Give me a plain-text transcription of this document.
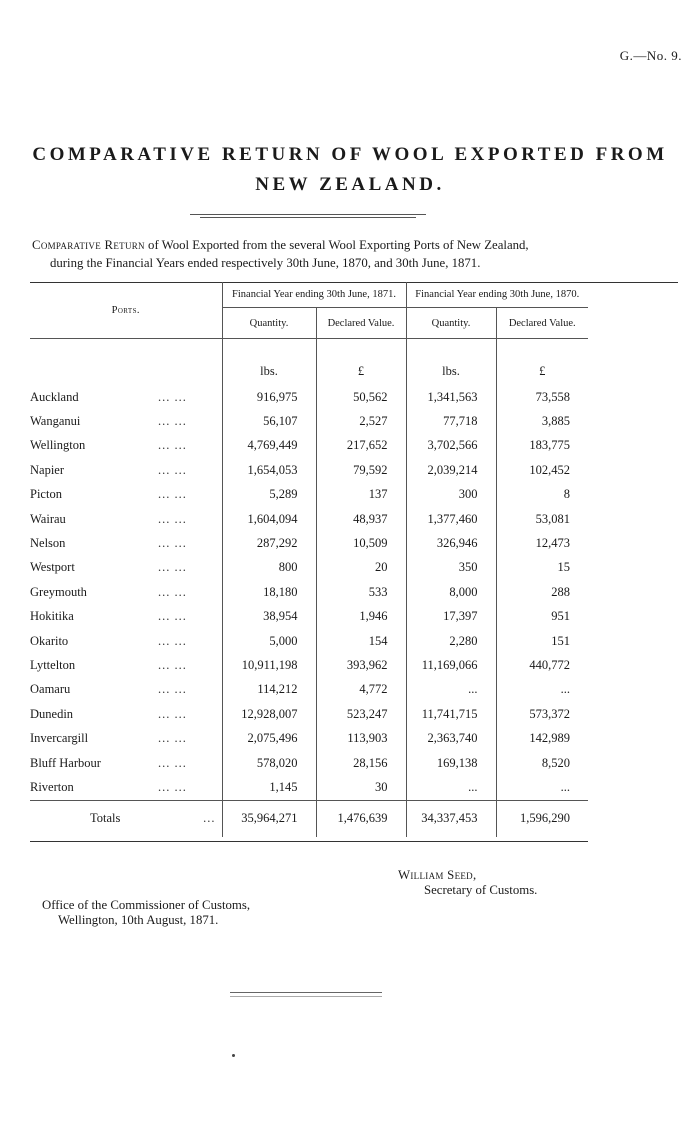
G.—No. 9.
COMPARATIVE RETURN OF WOOL EXPORTED FROM

NEW ZEALAND.
Comparative Return of Wool Exported from the several Wool Exporting Ports of New Zealand,
during the Financial Years ended respectively 30th June, 1870, and 30th June, 1871.
Ports.		Financial Year ending 30th June, 1871.		Financial Year ending 30th June, 1870.	
		Quantity.	Declared Value.	Quantity.	Declared Value.
		lbs.	£	lbs.	£
Auckland	... ...	916,975	50,562	1,341,563	73,558
Wanganui	... ...	56,107	2,527	77,718	3,885
Wellington	... ...	4,769,449	217,652	3,702,566	183,775
Napier	... ...	1,654,053	79,592	2,039,214	102,452
Picton	... ...	5,289	137	300	8
Wairau	... ...	1,604,094	48,937	1,377,460	53,081
Nelson	... ...	287,292	10,509	326,946	12,473
Westport	... ...	800	20	350	15
Greymouth	... ...	18,180	533	8,000	288
Hokitika	... ...	38,954	1,946	17,397	951
Okarito	... ...	5,000	154	2,280	151
Lyttelton	... ...	10,911,198	393,962	11,169,066	440,772
Oamaru	... ...	114,212	4,772	...	...
Dunedin	... ...	12,928,007	523,247	11,741,715	573,372
Invercargill	... ...	2,075,496	113,903	2,363,740	142,989
Bluff Harbour	... ...	578,020	28,156	169,138	8,520
Riverton	... ...	1,145	30	...	...
Totals	...	35,964,271	1,476,639	34,337,453	1,596,290

William Seed,
Secretary of Customs.
Office of the Commissioner of Customs,
Wellington, 10th August, 1871.
